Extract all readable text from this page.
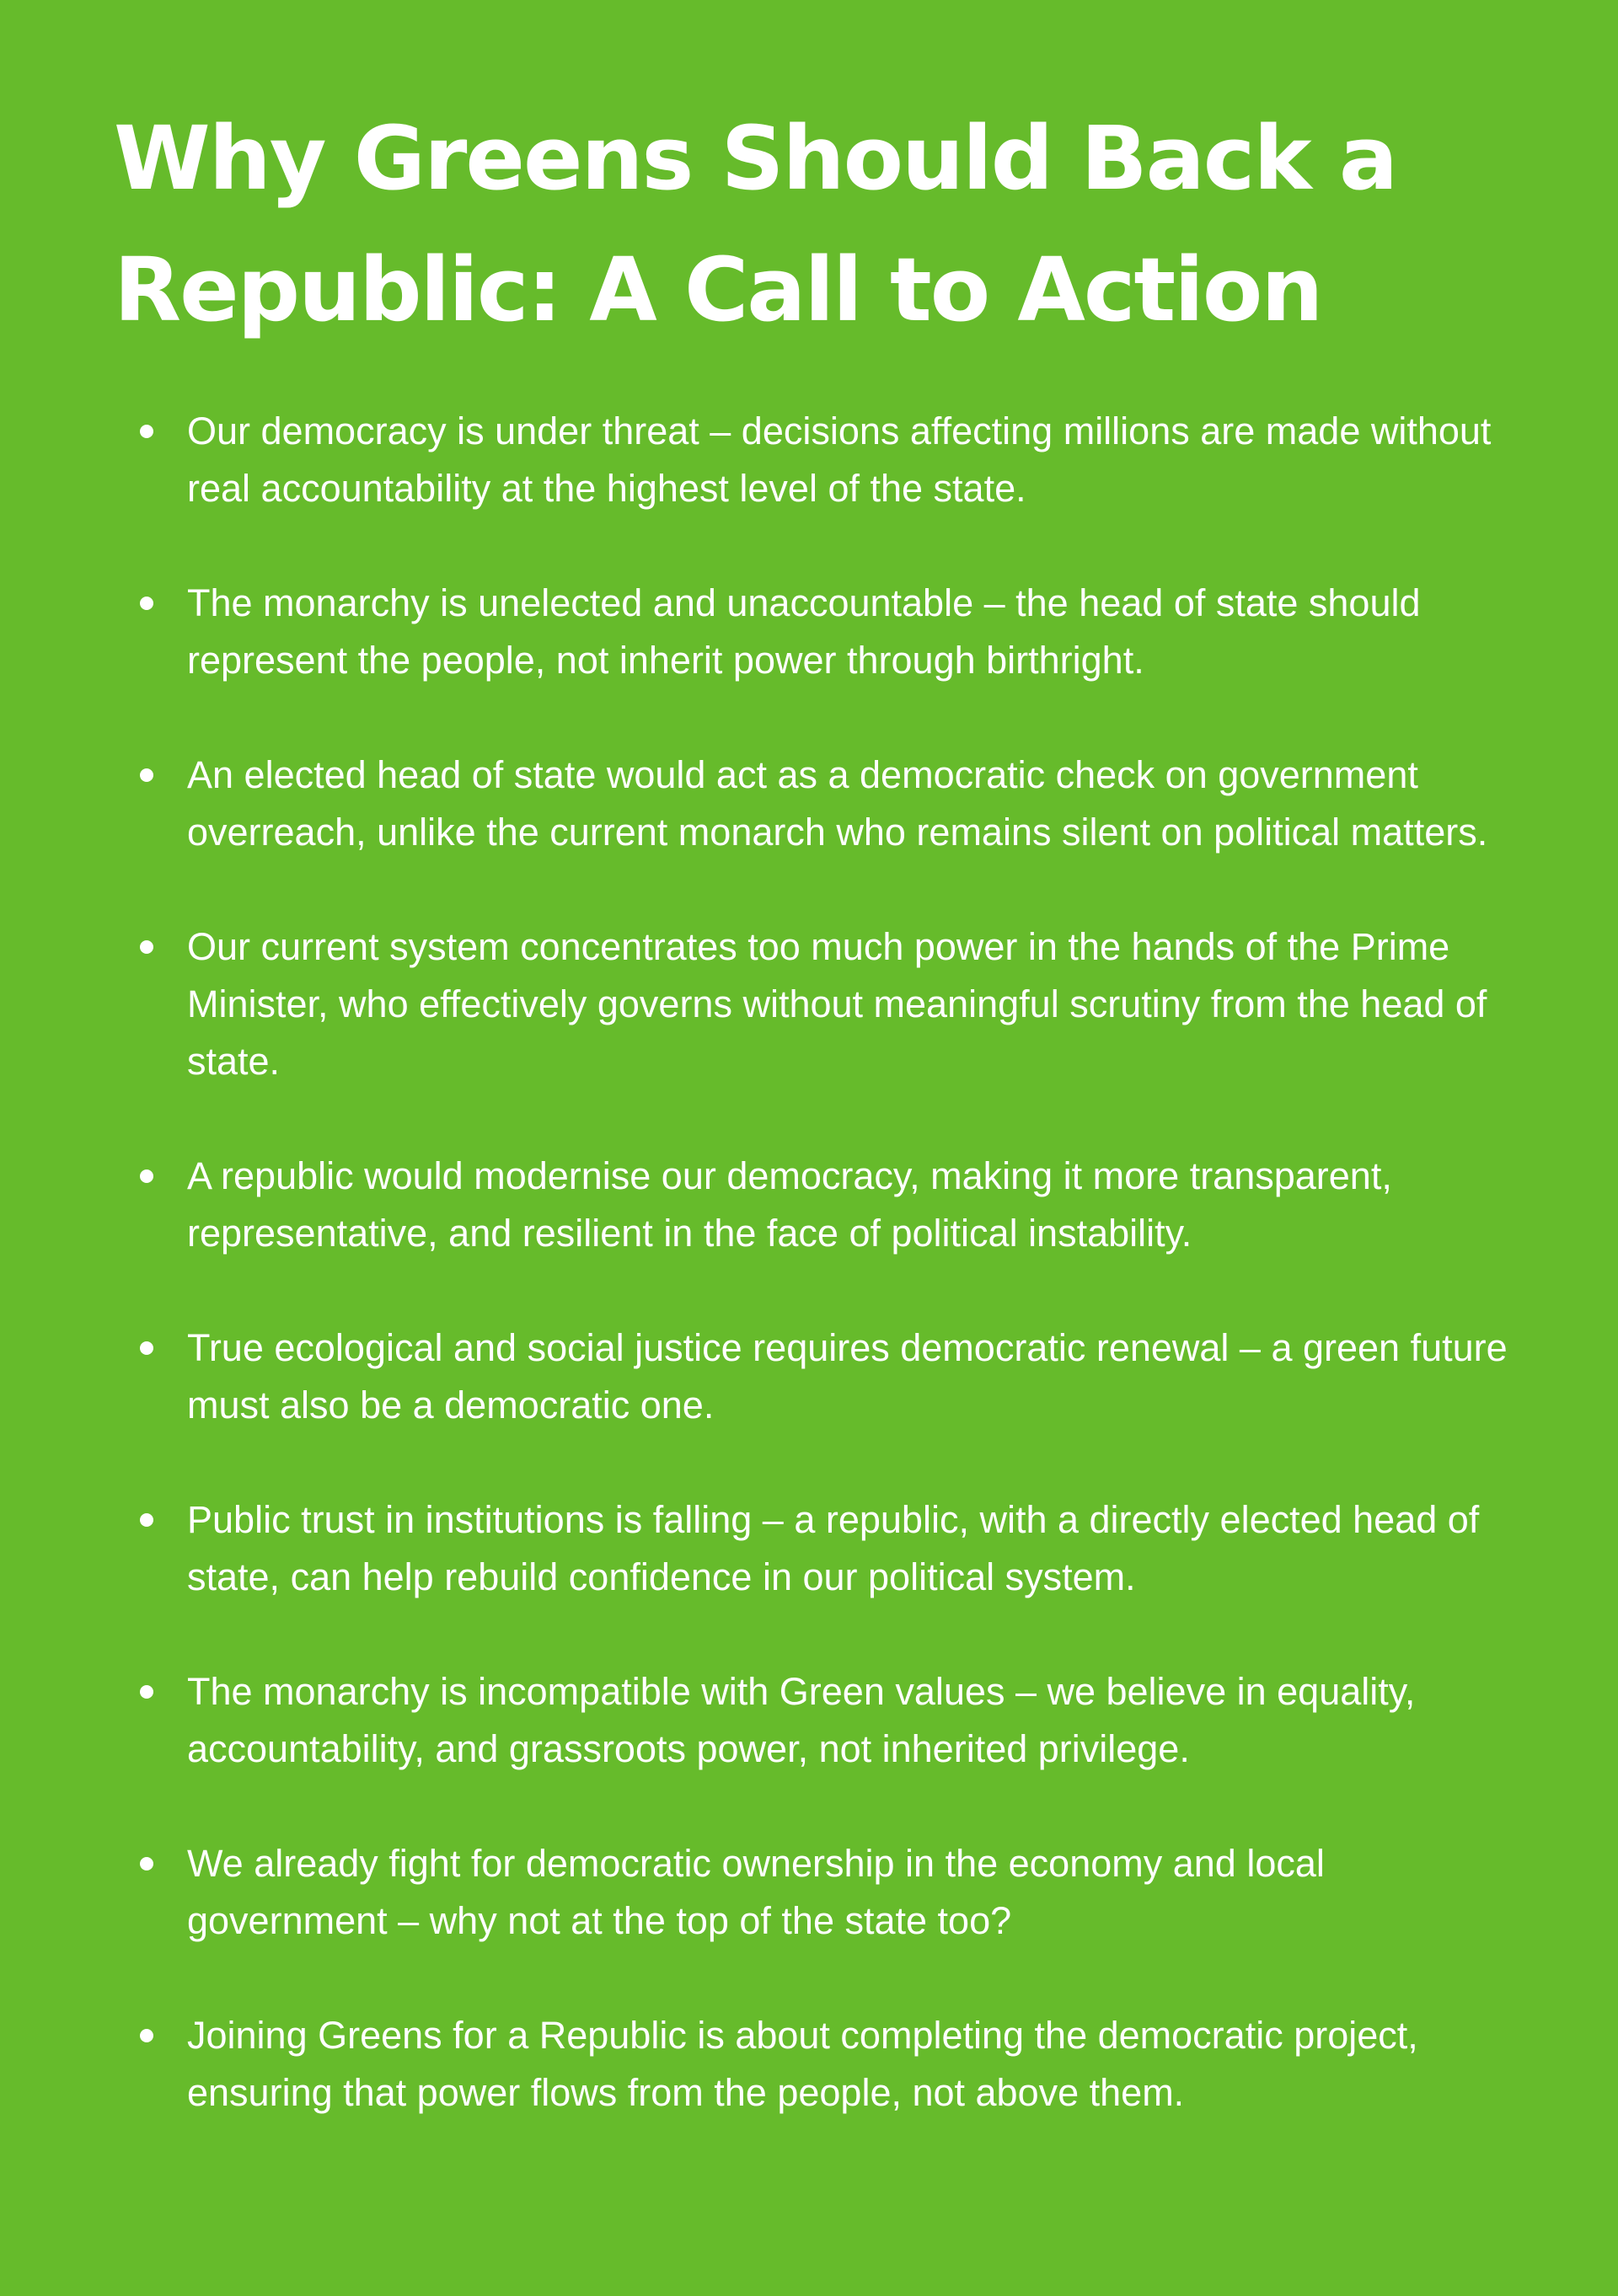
Why Greens Should Back a
Republic: A Call to Action
Our democracy is under threat – decisions affecting millions are made without real accountability at the highest level of the state.
The monarchy is unelected and unaccountable – the head of state should represent the people, not inherit power through birthright.
An elected head of state would act as a democratic check on government overreach, unlike the current monarch who remains silent on political matters.
Our current system concentrates too much power in the hands of the Prime Minister, who effectively governs without meaningful scrutiny from the head of state.
A republic would modernise our democracy, making it more transparent, representative, and resilient in the face of political instability.
True ecological and social justice requires democratic renewal – a green future must also be a democratic one.
Public trust in institutions is falling – a republic, with a directly elected head of state, can help rebuild confidence in our political system.
The monarchy is incompatible with Green values – we believe in equality, accountability, and grassroots power, not inherited privilege.
We already fight for democratic ownership in the economy and local government – why not at the top of the state too?
Joining Greens for a Republic is about completing the democratic project, ensuring that power flows from the people, not above them.
